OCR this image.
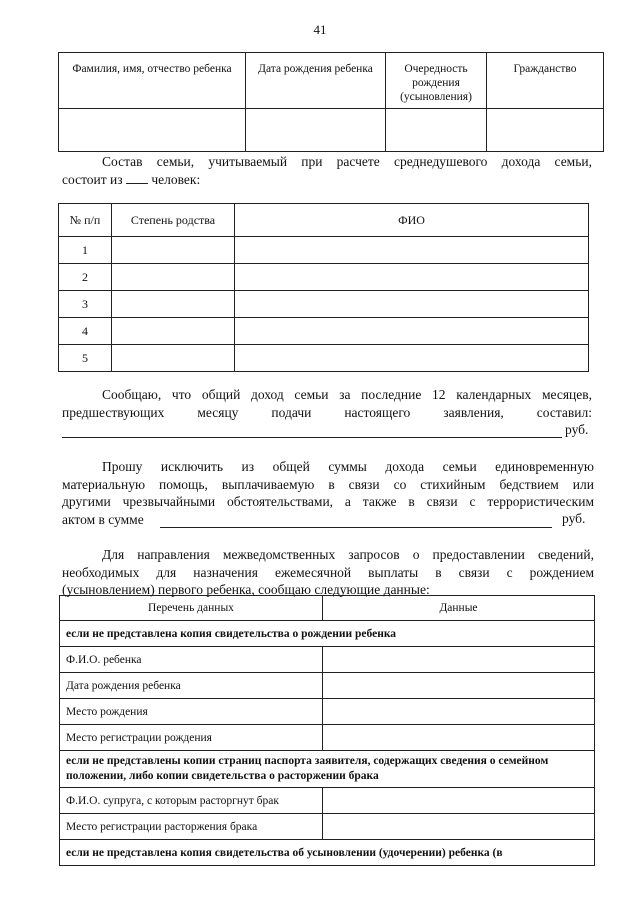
41
Фамилия, имя, отчество ребенка	Дата рождения ребенка	Очередность рождения (усыновления)	Гражданство

Состав семьи, учитываемый при расчете среднедушевого дохода семьи,
состоит из человек:
№ п/п	Степень родства	ФИО
1		
2		
3		
4		
5		
Сообщаю, что общий доход семьи за последние 12 календарных месяцев,
предшествующих месяцу подачи настоящего заявления, составил:
руб.
Прошу исключить из общей суммы дохода семьи единовременную
материальную помощь, выплачиваемую в связи со стихийным бедствием или
другими чрезвычайными обстоятельствами, а также в связи с террористическим
актом в сумме	руб.
Для направления межведомственных запросов о предоставлении сведений,
необходимых для назначения ежемесячной выплаты в связи с рождением
(усыновлением) первого ребенка, сообщаю следующие данные:
Перечень данных	Данные
если не представлена копия свидетельства о рождении ребенка	
Ф.И.О. ребенка	
Дата рождения ребенка	
Место рождения	
Место регистрации рождения	
если не представлены копии страниц паспорта заявителя, содержащих сведения о семейном положении, либо копии свидетельства о расторжении брака	
Ф.И.О. супруга, с которым расторгнут брак	
Место регистрации расторжения брака	
если не представлена копия свидетельства об усыновлении (удочерении) ребенка (в	
